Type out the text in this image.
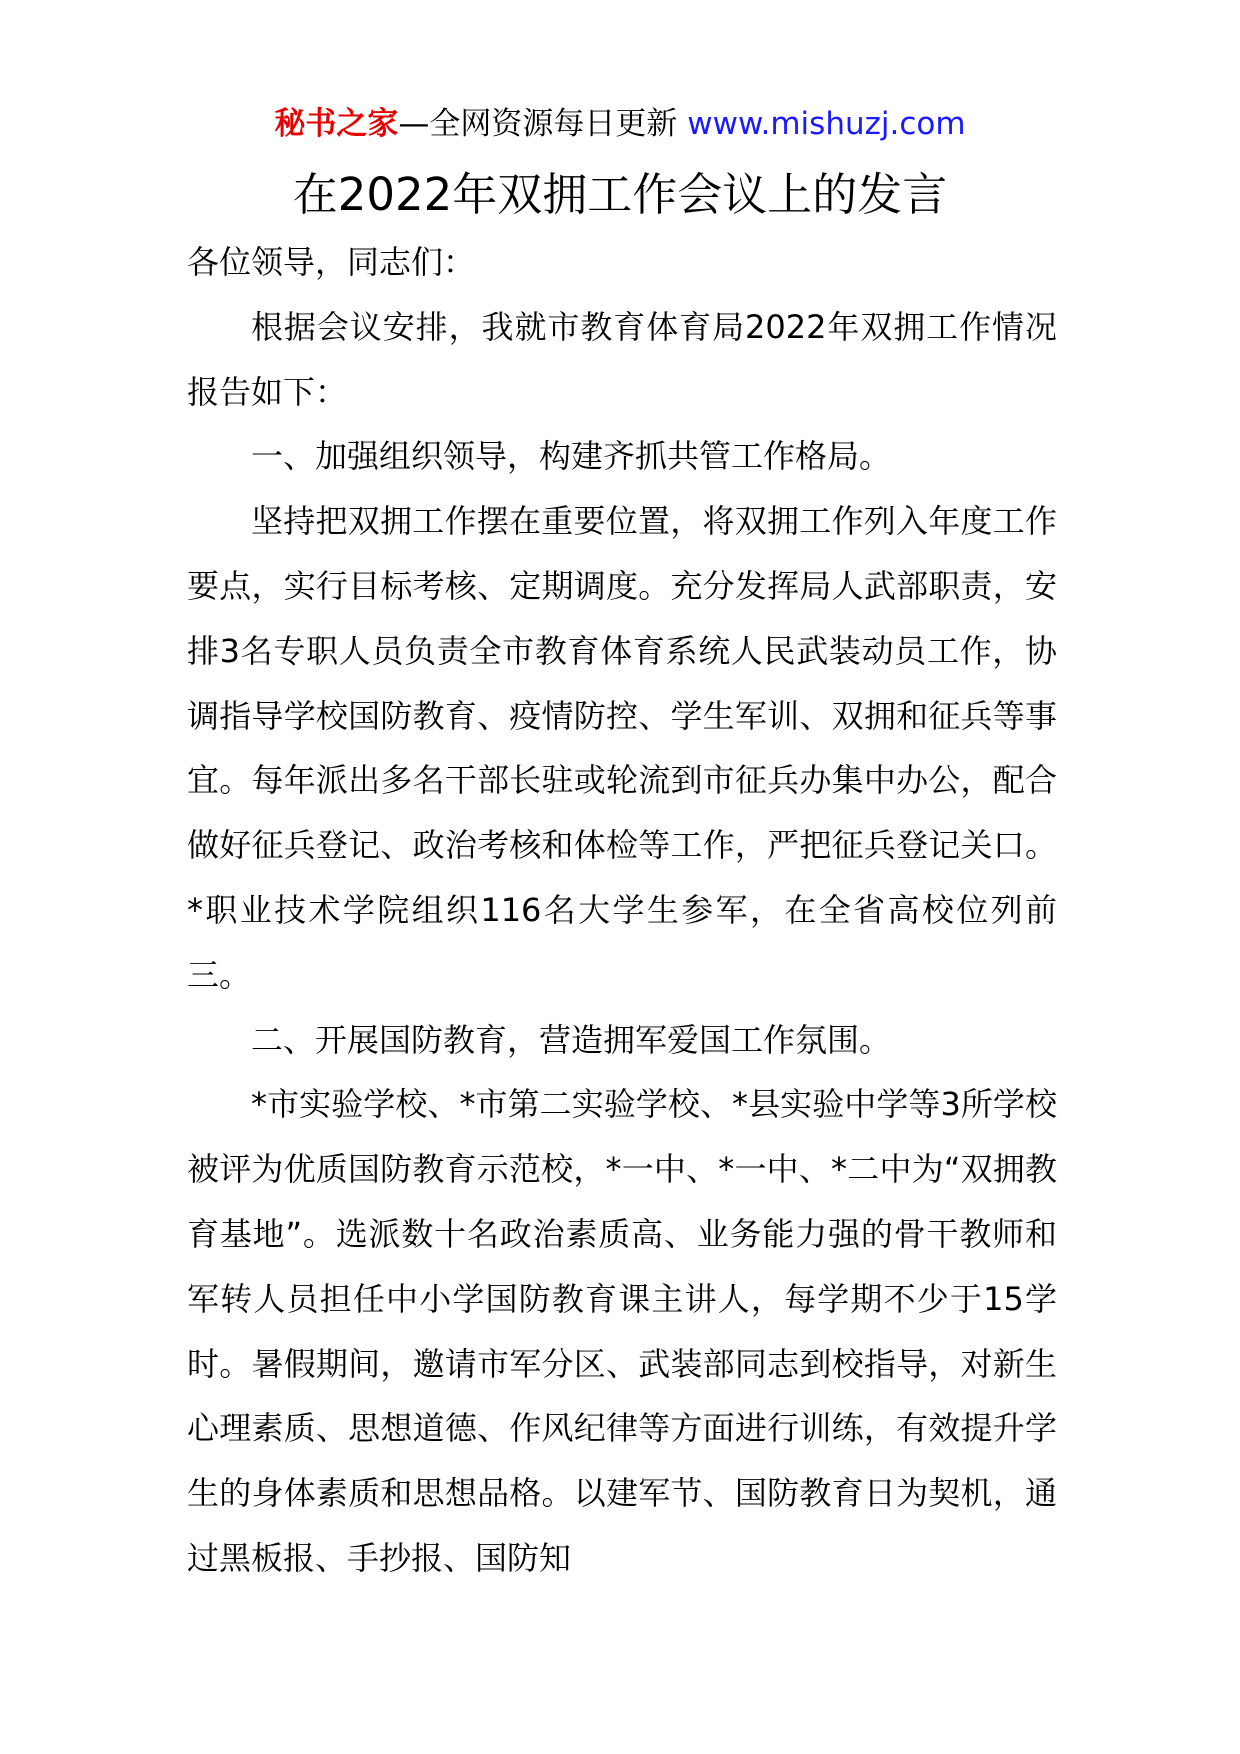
秘书之家—全网资源每日更新 www.mishuzj.com
在2022年双拥工作会议上的发言

各位领导，同志们：

根据会议安排，我就市教育体育局2022年双拥工作情况报告如下：

一、加强组织领导，构建齐抓共管工作格局。

坚持把双拥工作摆在重要位置，将双拥工作列入年度工作要点，实行目标考核、定期调度。充分发挥局人武部职责，安排3名专职人员负责全市教育体育系统人民武装动员工作，协调指导学校国防教育、疫情防控、学生军训、双拥和征兵等事宜。每年派出多名干部长驻或轮流到市征兵办集中办公，配合做好征兵登记、政治考核和体检等工作，严把征兵登记关口。*职业技术学院组织116名大学生参军，在全省高校位列前三。

二、开展国防教育，营造拥军爱国工作氛围。

*市实验学校、*市第二实验学校、*县实验中学等3所学校被评为优质国防教育示范校，*一中、*一中、*二中为“双拥教育基地”。选派数十名政治素质高、业务能力强的骨干教师和军转人员担任中小学国防教育课主讲人，每学期不少于15学时。暑假期间，邀请市军分区、武装部同志到校指导，对新生心理素质、思想道德、作风纪律等方面进行训练，有效提升学生的身体素质和思想品格。以建军节、国防教育日为契机，通过黑板报、手抄报、国防知
